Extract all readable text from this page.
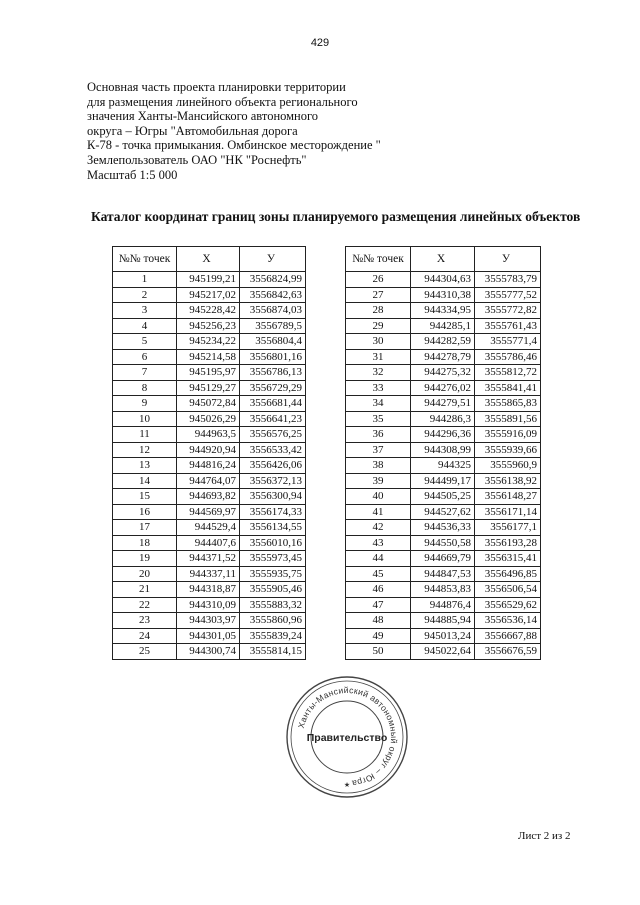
429
Основная часть проекта планировки территории
для размещения линейного объекта регионального
значения Ханты-Мансийского автономного
округа – Югры "Автомобильная дорога
К-78 - точка примыкания. Омбинское месторождение "
Землепользователь ОАО "НК "Роснефть"
Масштаб 1:5 000
Каталог координат границ зоны планируемого размещения линейных объектов
№№ точек	X	У
1	945199,21	3556824,99
2	945217,02	3556842,63
3	945228,42	3556874,03
4	945256,23	3556789,5
5	945234,22	3556804,4
6	945214,58	3556801,16
7	945195,97	3556786,13
8	945129,27	3556729,29
9	945072,84	3556681,44
10	945026,29	3556641,23
11	944963,5	3556576,25
12	944920,94	3556533,42
13	944816,24	3556426,06
14	944764,07	3556372,13
15	944693,82	3556300,94
16	944569,97	3556174,33
17	944529,4	3556134,55
18	944407,6	3556010,16
19	944371,52	3555973,45
20	944337,11	3555935,75
21	944318,87	3555905,46
22	944310,09	3555883,32
23	944303,97	3555860,96
24	944301,05	3555839,24
25	944300,74	3555814,15
№№ точек	X	У
26	944304,63	3555783,79
27	944310,38	3555777,52
28	944334,95	3555772,82
29	944285,1	3555761,43
30	944282,59	3555771,4
31	944278,79	3555786,46
32	944275,32	3555812,72
33	944276,02	3555841,41
34	944279,51	3555865,83
35	944286,3	3555891,56
36	944296,36	3555916,09
37	944308,99	3555939,66
38	944325	3555960,9
39	944499,17	3556138,92
40	944505,25	3556148,27
41	944527,62	3556171,14
42	944536,33	3556177,1
43	944550,58	3556193,28
44	944669,79	3556315,41
45	944847,53	3556496,85
46	944853,83	3556506,54
47	944876,4	3556529,62
48	944885,94	3556536,14
49	945013,24	3556667,88
50	945022,64	3556676,59
Ханты-Мансийский автономный округ – Югра
Правительство
★
Лист 2 из 2
